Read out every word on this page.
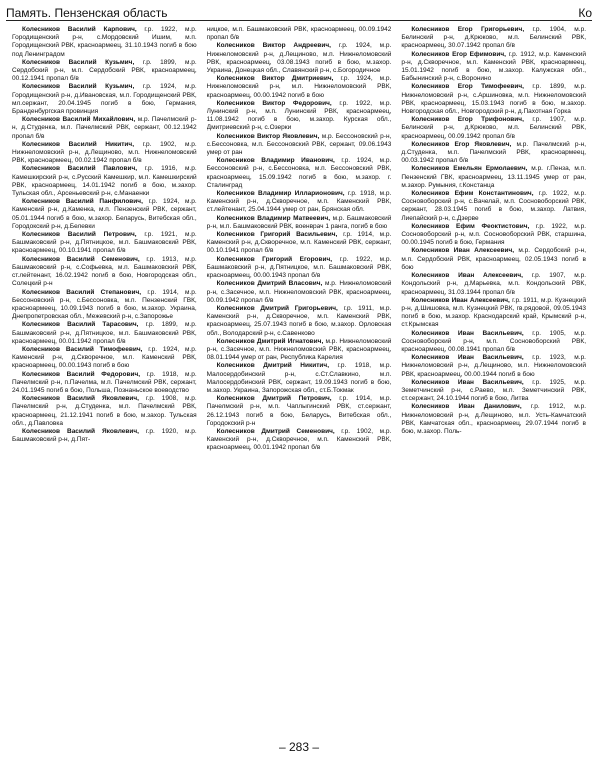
Память. Пензенская область	Ко

Колесников Василий Карпович, г.р. 1922, м.р. Городищенский р-н, с.Мордовский Ишим, м.п. Городищенский РВК, красноармеец, 31.10.1943 погиб в бою под Ленинградом

Колесников Василий Кузьмич, г.р. 1899, м.р. Сердобский р-н, м.п. Сердобский РВК, красноармеец, 00.12.1941 пропал б/в

Колесников Василий Кузьмич, г.р. 1924, м.р. Городищенский р-н, д.Ивановская, м.п. Городищенский РВК, мл.сержант, 20.04.1945 погиб в бою, Германия, Бранденбургская провинция

Колесников Василий Михайлович, м.р. Пачелмский р-н, д.Студенка, м.п. Пачелмский РВК, сержант, 00.12.1942 пропал б/в

Колесников Василий Никитич, г.р. 1902, м.р. Нижнеломовский р-н, д.Лещиново, м.п. Нижнеломовский РВК, красноармеец, 00.02.1942 пропал б/в

Колесников Василий Павлович, г.р. 1916, м.р. Камешкирский р-н, с.Русский Камешкир, м.п. Камешкирский РВК, красноармеец, 14.01.1942 погиб в бою, м.захор. Тульская обл., Арсеньевский р-н, с.Манаенки

Колесников Василий Панфилович, г.р. 1924, м.р. Каменский р-н, д.Каменка, м.п. Пензенский РВК, сержант, 05.01.1944 погиб в бою, м.захор. Беларусь, Витебская обл., Городокский р-н, д.Белевки

Колесников Василий Петрович, г.р. 1921, м.р. Башмаковский р-н, д.Пятницкое, м.п. Башмаковский РВК, красноармеец, 00.10.1941 пропал б/в

Колесников Василий Семенович, г.р. 1913, м.р. Башмаковский р-н, с.Софьевка, м.п. Башмаковский РВК, ст.лейтенант, 16.02.1942 погиб в бою, Новгородская обл., Солецкий р-н

Колесников Василий Степанович, г.р. 1914, м.р. Бессоновский р-н, с.Бессоновка, м.п. Пензенский ГВК, красноармеец, 10.09.1943 погиб в бою, м.захор. Украина, Днепропетровская обл., Межевский р-н, с.Запорожье

Колесников Василий Тарасович, г.р. 1899, м.р. Башмаковский р-н, д.Пятницкое, м.п. Башмаковский РВК, красноармеец, 00.01.1942 пропал б/в

Колесников Василий Тимофеевич, г.р. 1924, м.р. Каменский р-н, д.Скворечное, м.п. Каменский РВК, красноармеец, 00.00.1943 погиб в бою

Колесников Василий Федорович, г.р. 1918, м.р. Пачелмский р-н, п.Пачелма, м.п. Пачелмский РВК, сержант, 24.01.1945 погиб в бою, Польша, Познаньское воеводство

Колесников Василий Яковлевич, г.р. 1908, м.р. Пачелмский р-н, д.Студенка, м.п. Пачелмский РВК, красноармеец, 21.12.1941 погиб в бою, м.захор. Тульская обл., д.Павловка

Колесников Василий Яковлевич, г.р. 1920, м.р. Башмаковский р-н, д.Пят-

ницкое, м.п. Башмаковский РВК, красноармеец, 00.09.1942 пропал б/в

Колесников Виктор Андреевич, г.р. 1924, м.р. Нижнеломовский р-н, д.Лещиново, м.п. Нижнеломовский РВК, красноармеец, 03.08.1943 погиб в бою, м.захор. Украина, Донецкая обл., Славянский р-н, с.Богородичное

Колесников Виктор Дмитриевич, г.р. 1924, м.р. Нижнеломовский р-н, м.п. Нижнеломовский РВК, красноармеец, 00.00.1942 погиб в бою

Колесников Виктор Федорович, г.р. 1922, м.р. Лунинский р-н, м.п. Лунинский РВК, красноармеец, 11.08.1942 погиб в бою, м.захор. Курская обл., Дмитриевский р-н, с.Озерки

Колесников Виктор Яковлевич, м.р. Бессоновский р-н, с.Бессоновка, м.п. Бессоновский РВК, сержант, 09.06.1943 умер от ран

Колесников Владимир Иванович, г.р. 1924, м.р. Бессоновский р-н, с.Бессоновка, м.п. Бессоновский РВК, красноармеец, 15.09.1942 погиб в бою, м.захор. г. Сталинград

Колесников Владимир Илларионович, г.р. 1918, м.р. Каменский р-н, д.Скворечное, м.п. Каменский РВК, ст.лейтенант, 25.04.1944 умер от ран, Брянская обл.

Колесников Владимир Матвеевич, м.р. Башмаковский р-н, м.п. Башмаковский РВК, военврач 1 ранга, погиб в бою

Колесников Григорий Васильевич, г.р. 1914, м.р. Каменский р-н, д.Скворечное, м.п. Каменский РВК, сержант, 00.10.1941 пропал б/в

Колесников Григорий Егорович, г.р. 1922, м.р. Башмаковский р-н, д.Пятницкое, м.п. Башмаковский РВК, красноармеец, 00.00.1943 пропал б/в

Колесников Дмитрий Власович, м.р. Нижнеломовский р-н, с.Засечное, м.п. Нижнеломовский РВК, красноармеец, 00.09.1942 пропал б/в

Колесников Дмитрий Григорьевич, г.р. 1911, м.р. Каменский р-н, д.Скворечное, м.п. Каменский РВК, красноармеец, 25.07.1943 погиб в бою, м.захор. Орловская обл., Володарский р-н, с.Савенково

Колесников Дмитрий Игнатович, м.р. Нижнеломовский р-н, с.Засечное, м.п. Нижнеломовский РВК, красноармеец, 08.01.1944 умер от ран, Республика Карелия

Колесников Дмитрий Никитич, г.р. 1918, м.р. Малосердобинский р-н, с.Ст.Славкино, м.п. Малосердобинский РВК, сержант, 19.09.1943 погиб в бою, м.захор. Украина, Запорожская обл., ст.Б.Токмак

Колесников Дмитрий Петрович, г.р. 1914, м.р. Пачелмский р-н, м.п. Чаплыгинский РВК, ст.сержант, 26.12.1943 погиб в бою, Беларусь, Витебская обл., Городокский р-н

Колесников Дмитрий Семенович, г.р. 1902, м.р. Каменский р-н, д.Скворечное, м.п. Каменский РВК, красноармеец, 00.01.1942 пропал б/в

Колесников Егор Григорьевич, г.р. 1904, м.р. Белинский р-н, д.Крюково, м.п. Белинский РВК, красноармеец, 30.07.1942 пропал б/в

Колесников Егор Ефимович, г.р. 1912, м.р. Каменский р-н, д.Скворечное, м.п. Каменский РВК, красноармеец, 15.01.1942 погиб в бою, м.захор. Калужская обл., Бабынинский р-н, с.Воронино

Колесников Егор Тимофеевич, г.р. 1899, м.р. Нижнеломовский р-н, с.Аршиновка, м.п. Нижнеломовский РВК, красноармеец, 15.03.1943 погиб в бою, м.захор. Новгородская обл., Новгородский р-н, д.Пахотная Горка

Колесников Егор Трифонович, г.р. 1907, м.р. Белинский р-н, д.Крюково, м.п. Белинский РВК, красноармеец, 00.09.1942 пропал б/в

Колесников Егор Яковлевич, м.р. Пачелмский р-н, д.Студенка, м.п. Пачелмский РВК, красноармеец, 00.03.1942 пропал б/в

Колесников Емельян Ермолаевич, м.р. г.Пенза, м.п. Пензенский ГВК, красноармеец, 13.11.1945 умер от ран, м.захор. Румыния, г.Констанца

Колесников Ефим Константинович, г.р. 1922, м.р. Сосновоборский р-н, с.Вачелай, м.п. Сосновоборский РВК, сержант, 28.03.1945 погиб в бою, м.захор. Латвия, Лиепайский р-н, с.Дзерве

Колесников Ефим Феоктистович, г.р. 1922, м.р. Сосновоборский р-н, м.п. Сосновоборский РВК, старшина, 00.00.1945 погиб в бою, Германия

Колесников Иван Алексеевич, м.р. Сердобский р-н, м.п. Сердобский РВК, красноармеец, 02.05.1943 погиб в бою

Колесников Иван Алексеевич, г.р. 1907, м.р. Кондольский р-н, д.Марьевка, м.п. Кондольский РВК, красноармеец, 31.03.1944 пропал б/в

Колесников Иван Алексеевич, г.р. 1911, м.р. Кузнецкий р-н, д.Шишовка, м.п. Кузнецкий РВК, гв.рядовой, 09.05.1943 погиб в бою, м.захор. Краснодарский край, Крымский р-н, ст.Крымская

Колесников Иван Васильевич, г.р. 1905, м.р. Сосновоборский р-н, м.п. Сосновоборский РВК, красноармеец, 00.08.1941 пропал б/в

Колесников Иван Васильевич, г.р. 1923, м.р. Нижнеломовский р-н, д.Лещиново, м.п. Нижнеломовский РВК, красноармеец, 00.00.1944 погиб в бою

Колесников Иван Васильевич, г.р. 1925, м.р. Земетчинский р-н, с.Раево, м.п. Земетчинский РВК, ст.сержант, 24.10.1944 погиб в бою, Литва

Колесников Иван Данилович, г.р. 1912, м.р. Нижнеломовский р-н, д.Лещиново, м.п. Усть-Камчатский РВК, Камчатская обл., красноармеец, 29.07.1944 погиб в бою, м.захор. Поль-

– 283 –
